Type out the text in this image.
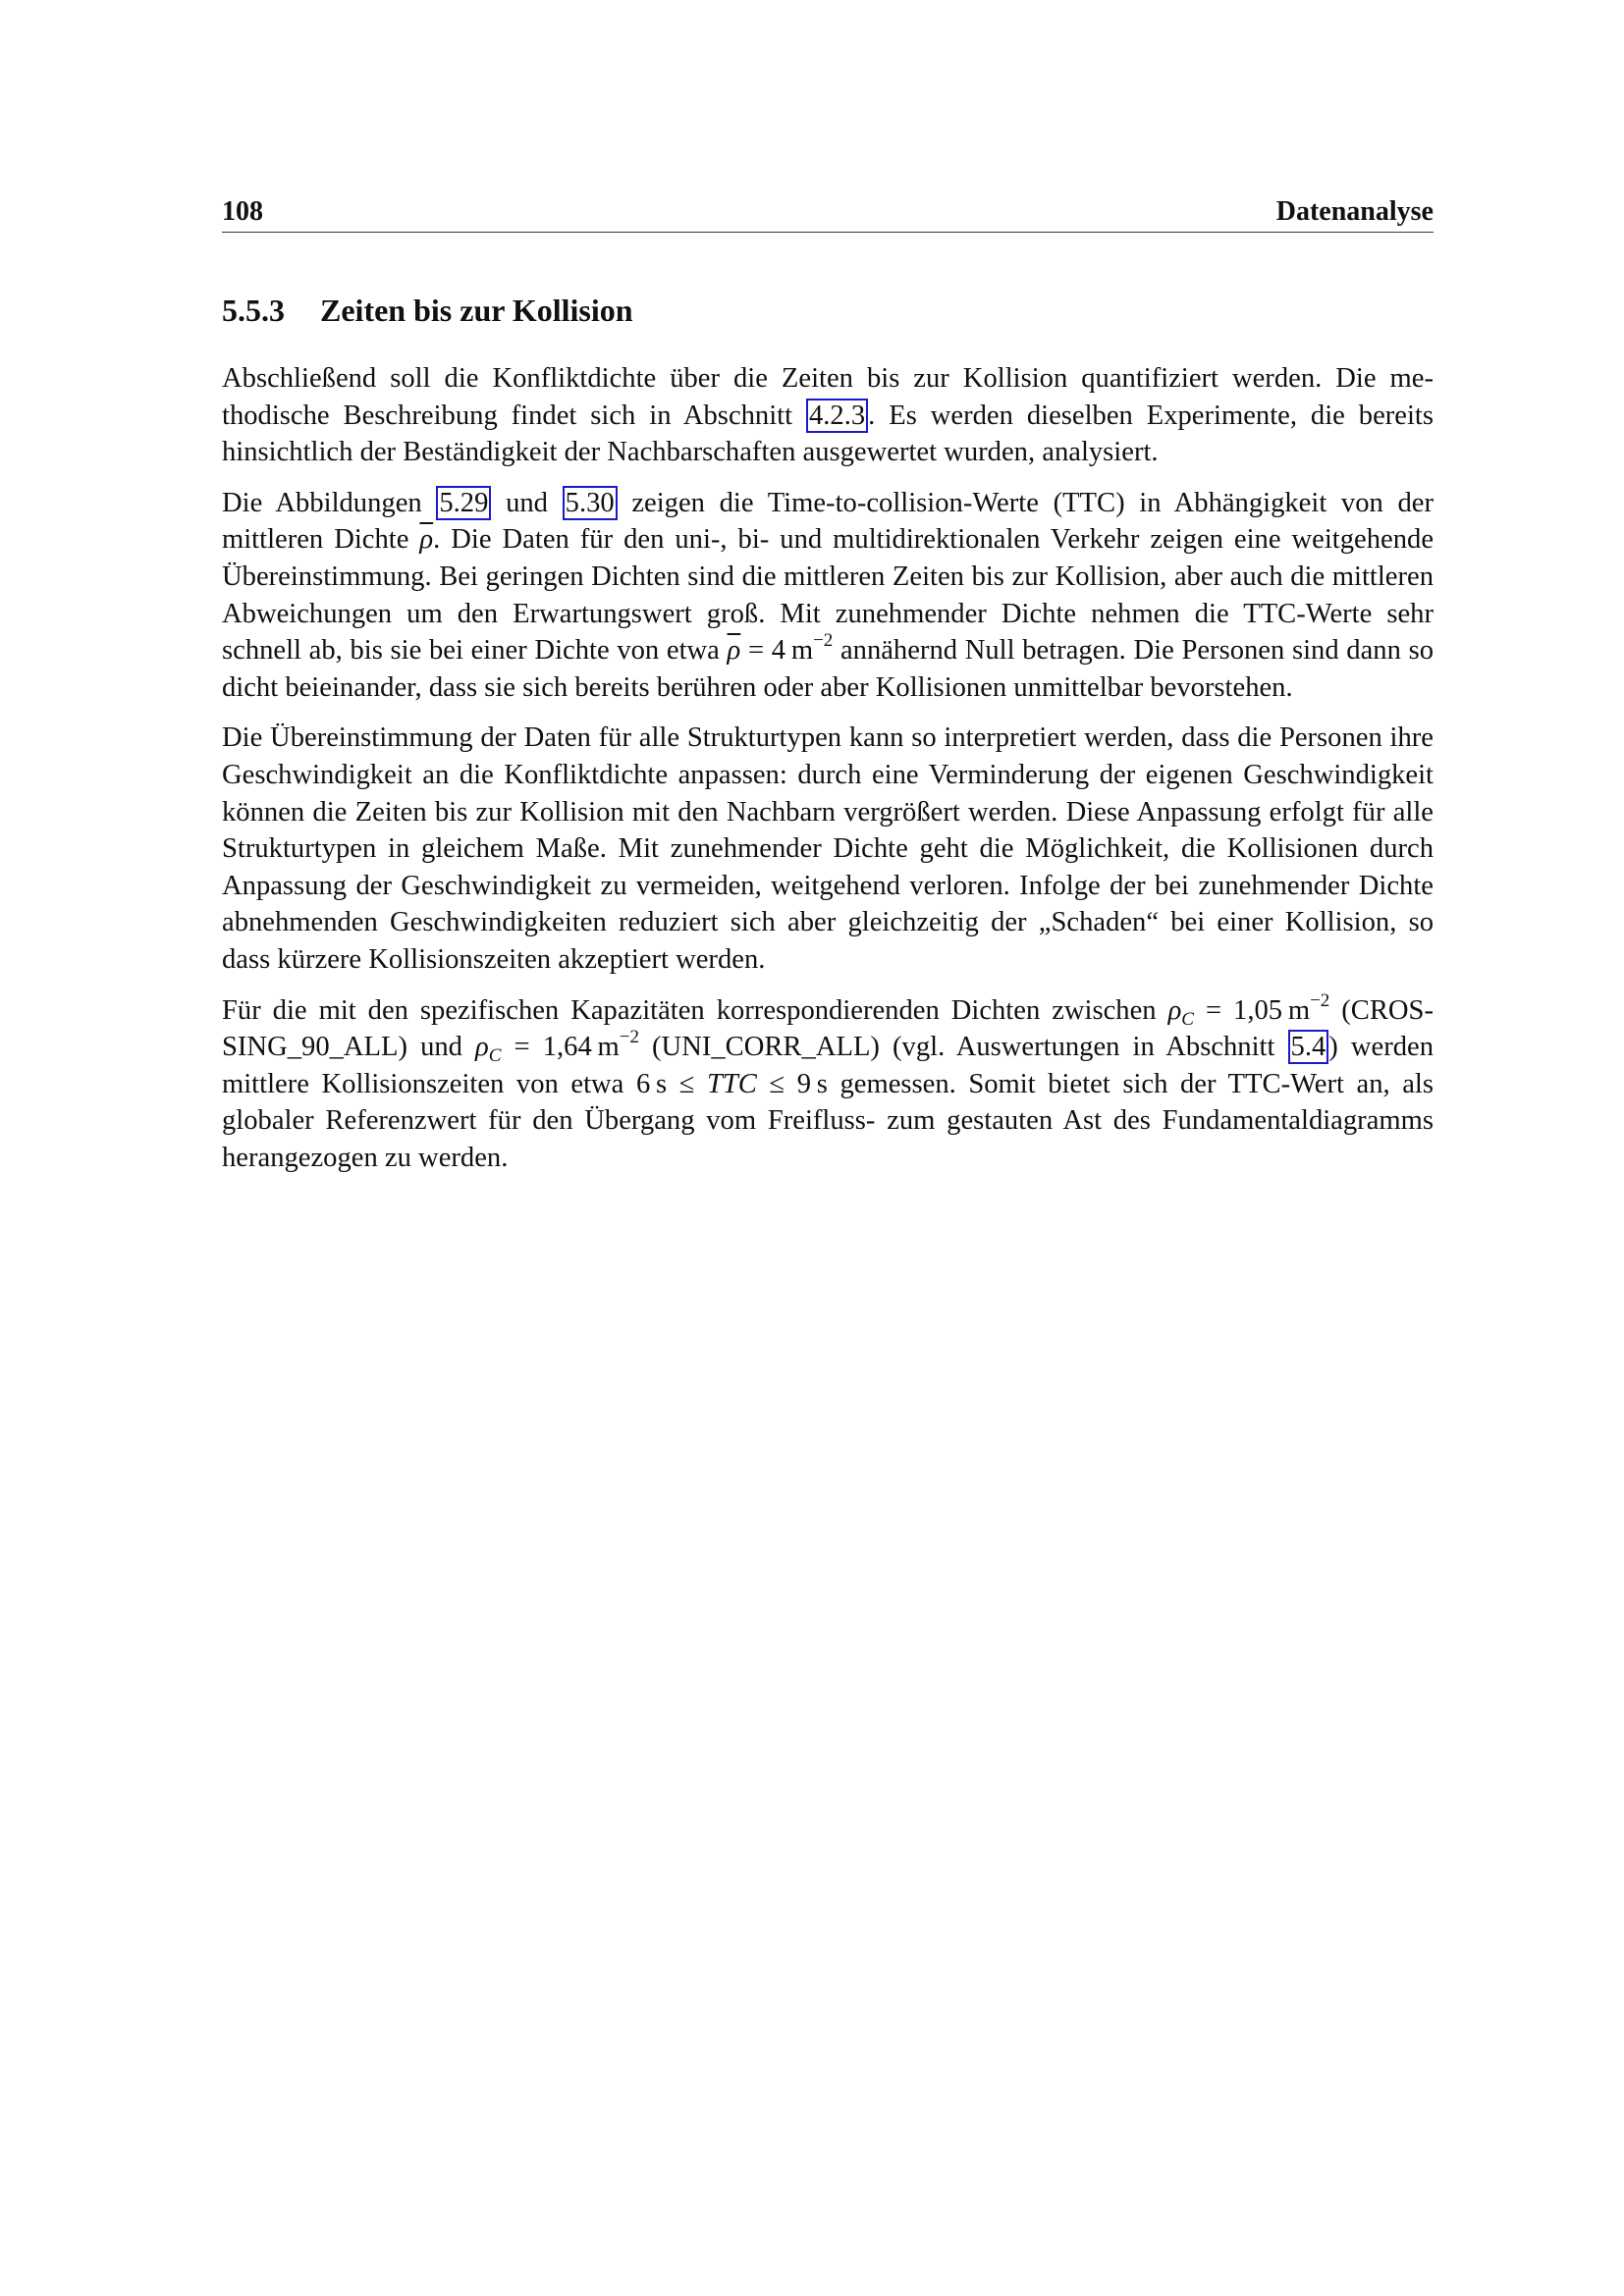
108	Datenanalyse
5.5.3 Zeiten bis zur Kollision

Abschließend soll die Konfliktdichte über die Zeiten bis zur Kollision quantifiziert werden. Die methodische Beschreibung findet sich in Abschnitt 4.2.3 . Es werden dieselben Experimente, die bereits hinsichtlich der Beständigkeit der Nachbarschaften ausgewertet wurden, analysiert.

Die Abbildungen 5.29 und 5.30 zeigen die Time-to-collision-Werte (TTC) in Abhängigkeit von der mittleren Dichte $\overline{\rho}$. Die Daten für den uni-, bi- und multidirektionalen Verkehr zeigen eine weitgehende Übereinstimmung. Bei geringen Dichten sind die mittleren Zeiten bis zur Kollision, aber auch die mittleren Abweichungen um den Erwartungswert groß. Mit zunehmender Dichte nehmen die TTC-Werte sehr schnell ab, bis sie bei einer Dichte von etwa $\overline{\rho} = 4$  $m^{-2}$ annähernd Null betragen. Die Personen sind dann so dicht beieinander, dass sie sich bereits berühren oder aber Kollisionen unmittelbar bevorstehen.

Die Übereinstimmung der Daten für alle Strukturtypen kann so interpretiert werden, dass die Personen ihre Geschwindigkeit an die Konfliktdichte anpassen: durch eine Verminderung der eigenen Geschwindigkeit können die Zeiten bis zur Kollision mit den Nachbarn vergrößert werden. Diese Anpassung erfolgt für alle Strukturtypen in gleichem Maße. Mit zunehmender Dichte geht die Möglichkeit, die Kollisionen durch Anpassung der Geschwindigkeit zu vermeiden, weitgehend verloren. Infolge der bei zunehmender Dichte abnehmenden Geschwindigkeiten reduziert sich aber gleichzeitig der „Schaden“ bei einer Kollision, so dass kürzere Kollisionszeiten akzeptiert werden.

Für die mit den spezifischen Kapazitäten korrespondierenden Dichten zwischen $\rho_C = 1,05$  $m^{-2}$ (CROSSING_90_ALL) und $\rho_C = 1,64$  $m^{-2}$ (UNI_CORR_ALL) (vgl. Auswertungen in Abschnitt 5.4 ) werden mittlere Kollisionszeiten von etwa 6  s ≤ TTC ≤ 9  s gemessen. Somit bietet sich der TTC-Wert an, als globaler Referenzwert für den Übergang vom Freifluss- zum gestauten Ast des Fundamentaldiagramms herangezogen zu werden.
